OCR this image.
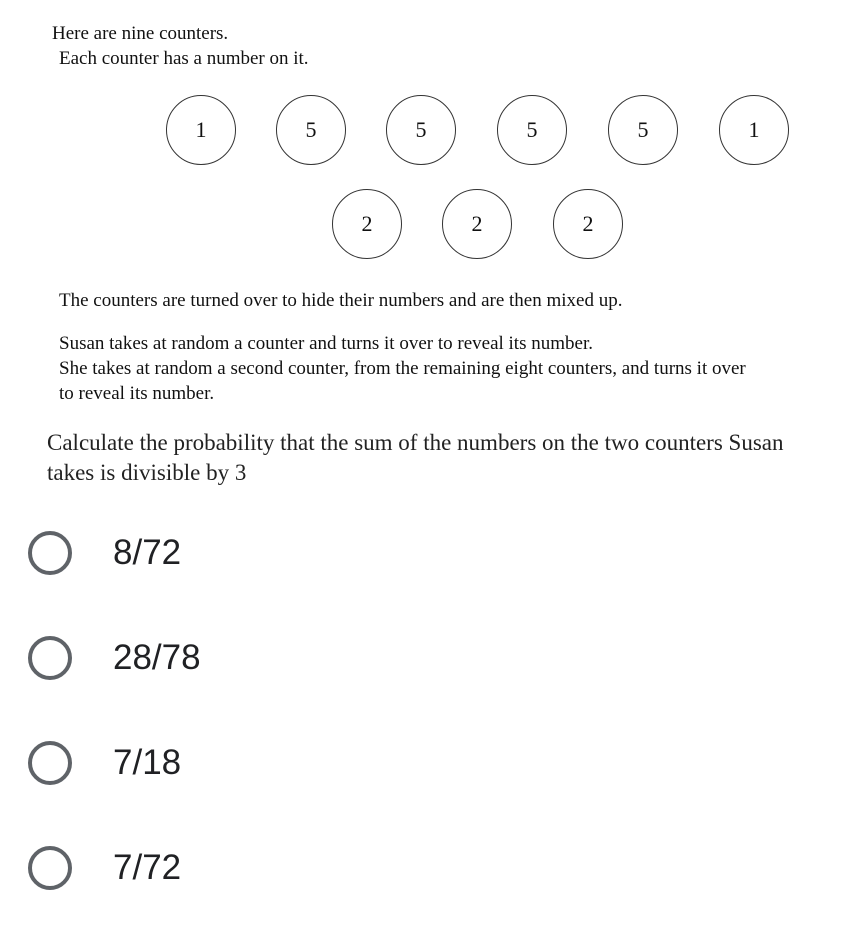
Here are nine counters.
Each counter has a number on it.
1	5	5	5	5	1
2	2	2
The counters are turned over to hide their numbers and are then mixed up.
Susan takes at random a counter and turns it over to reveal its number.
She takes at random a second counter, from the remaining eight counters, and turns it over
to reveal its number.
Calculate the probability that the sum of the numbers on the two counters Susan
takes is divisible by 3
8/72
28/78
7/18
7/72
